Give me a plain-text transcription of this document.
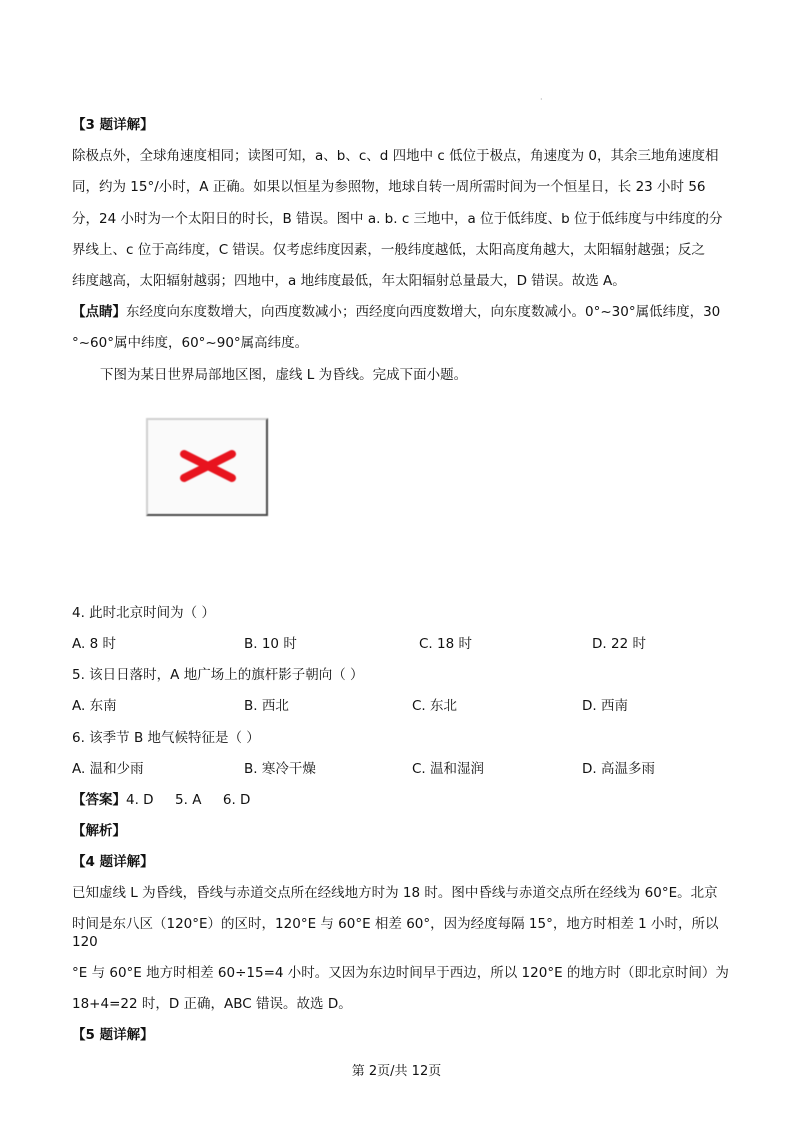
·
【3 题详解】
除极点外，全球角速度相同；读图可知，a、b、c、d 四地中 c 低位于极点，角速度为 0，其余三地角速度相
同，约为 15°/小时，A 正确。如果以恒星为参照物，地球自转一周所需时间为一个恒星日，长 23 小时 56
分，24 小时为一个太阳日的时长，B 错误。图中 a. b. c 三地中，a 位于低纬度、b 位于低纬度与中纬度的分
界线上、c 位于高纬度，C 错误。仅考虑纬度因素，一般纬度越低，太阳高度角越大，太阳辐射越强；反之
纬度越高，太阳辐射越弱；四地中，a 地纬度最低，年太阳辐射总量最大，D 错误。故选 A。
【点睛】东经度向东度数增大，向西度数减小；西经度向西度数增大，向东度数减小。0°~30°属低纬度，30
°~60°属中纬度，60°~90°属高纬度。
下图为某日世界局部地区图，虚线 L 为昏线。完成下面小题。
4. 此时北京时间为（ ）
A. 8 时	B. 10 时	C. 18 时	D. 22 时
5. 该日日落时，A 地广场上的旗杆影子朝向（ ）
A. 东南	B. 西北	C. 东北	D. 西南
6. 该季节 B 地气候特征是（ ）
A. 温和少雨	B. 寒冷干燥	C. 温和湿润	D. 高温多雨
【答案】4. D     5. A     6. D
【解析】
【4 题详解】
已知虚线 L 为昏线，昏线与赤道交点所在经线地方时为 18 时。图中昏线与赤道交点所在经线为 60°E。北京
时间是东八区（120°E）的区时，120°E 与 60°E 相差 60°，因为经度每隔 15°，地方时相差 1 小时，所以
120
°E 与 60°E 地方时相差 60÷15=4 小时。又因为东边时间早于西边，所以 120°E 的地方时（即北京时间）为
18+4=22 时，D 正确，ABC 错误。故选 D。
【5 题详解】
第 2页/共 12页
